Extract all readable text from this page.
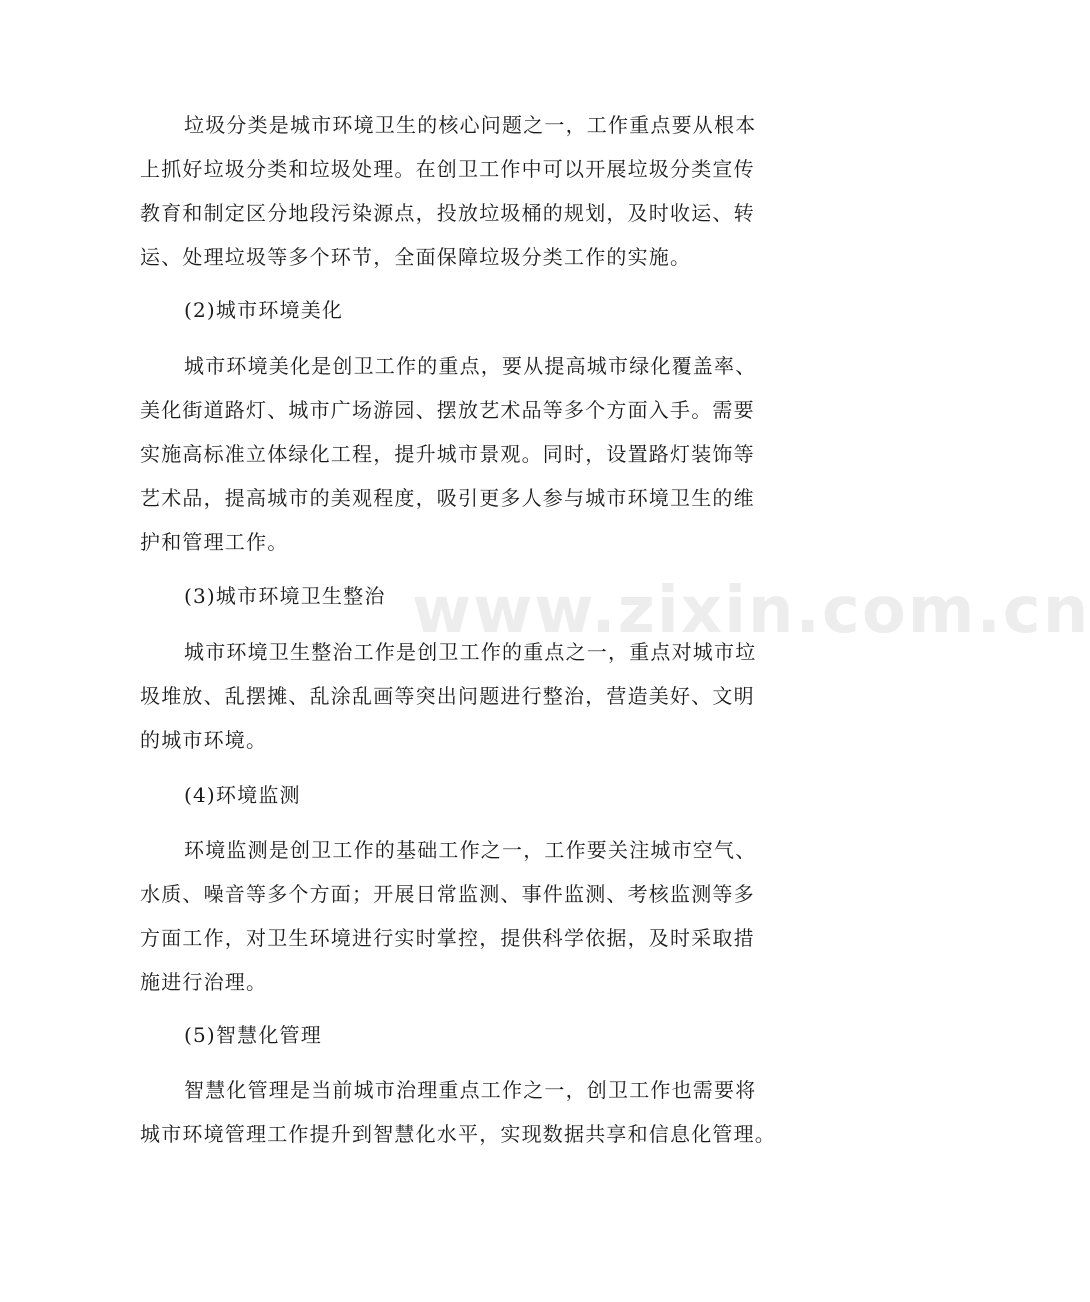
www.zixin.com.cn
垃圾分类是城市环境卫生的核心问题之一，工作重点要从根本
上抓好垃圾分类和垃圾处理。在创卫工作中可以开展垃圾分类宣传
教育和制定区分地段污染源点，投放垃圾桶的规划，及时收运、转
运、处理垃圾等多个环节，全面保障垃圾分类工作的实施。
(2)城市环境美化
城市环境美化是创卫工作的重点，要从提高城市绿化覆盖率、
美化街道路灯、城市广场游园、摆放艺术品等多个方面入手。需要
实施高标准立体绿化工程，提升城市景观。同时，设置路灯装饰等
艺术品，提高城市的美观程度，吸引更多人参与城市环境卫生的维
护和管理工作。
(3)城市环境卫生整治
城市环境卫生整治工作是创卫工作的重点之一，重点对城市垃
圾堆放、乱摆摊、乱涂乱画等突出问题进行整治，营造美好、文明
的城市环境。
(4)环境监测
环境监测是创卫工作的基础工作之一，工作要关注城市空气、
水质、噪音等多个方面；开展日常监测、事件监测、考核监测等多
方面工作，对卫生环境进行实时掌控，提供科学依据，及时采取措
施进行治理。
(5)智慧化管理
智慧化管理是当前城市治理重点工作之一，创卫工作也需要将
城市环境管理工作提升到智慧化水平，实现数据共享和信息化管理。
